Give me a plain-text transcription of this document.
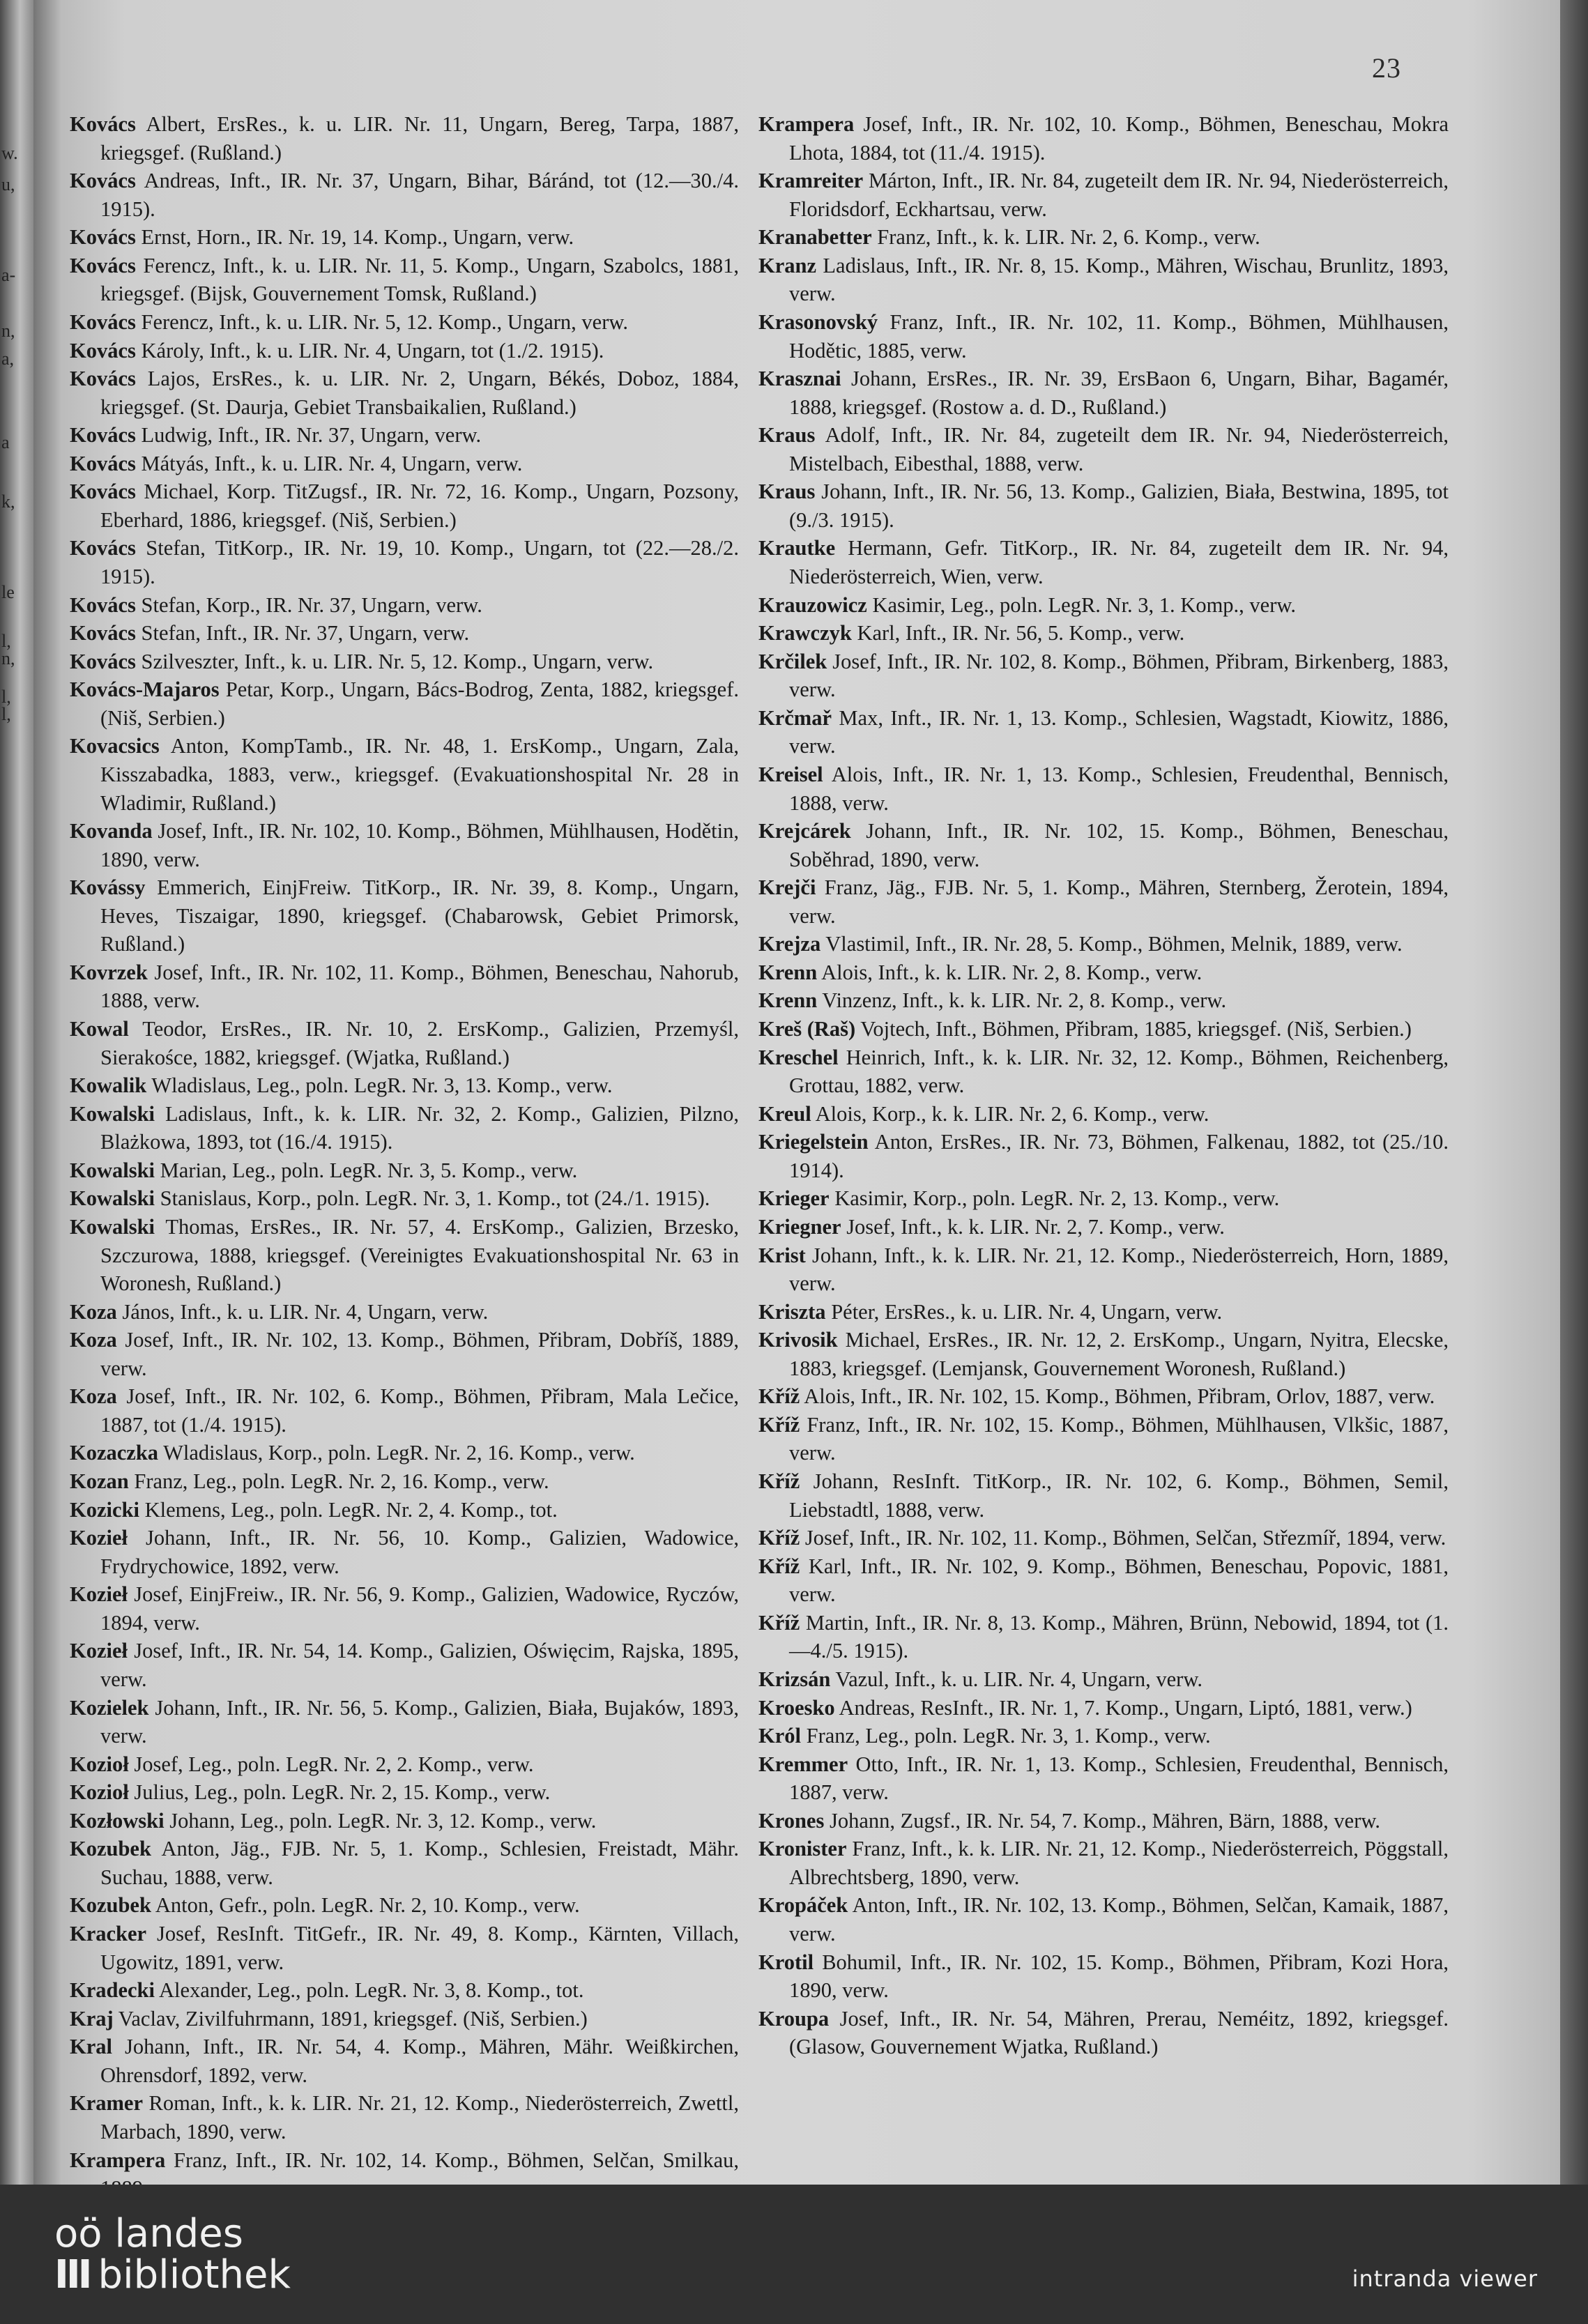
w.
u,
a-
n,
a,
a
k,
le
l,
n,
l,
l,
23
Kovács Albert, ErsRes., k. u. LIR. Nr. 11, Ungarn, Bereg, Tarpa, 1887, kriegsgef. (Rußland.)
Kovács Andreas, Inft., IR. Nr. 37, Ungarn, Bihar, Báránd, tot (12.—30./4. 1915).
Kovács Ernst, Horn., IR. Nr. 19, 14. Komp., Ungarn, verw.
Kovács Ferencz, Inft., k. u. LIR. Nr. 11, 5. Komp., Ungarn, Szabolcs, 1881, kriegsgef. (Bijsk, Gouvernement Tomsk, Rußland.)
Kovács Ferencz, Inft., k. u. LIR. Nr. 5, 12. Komp., Ungarn, verw.
Kovács Károly, Inft., k. u. LIR. Nr. 4, Ungarn, tot (1./2. 1915).
Kovács Lajos, ErsRes., k. u. LIR. Nr. 2, Ungarn, Békés, Doboz, 1884, kriegsgef. (St. Daurja, Gebiet Transbaikalien, Rußland.)
Kovács Ludwig, Inft., IR. Nr. 37, Ungarn, verw.
Kovács Mátyás, Inft., k. u. LIR. Nr. 4, Ungarn, verw.
Kovács Michael, Korp. TitZugsf., IR. Nr. 72, 16. Komp., Ungarn, Pozsony, Eberhard, 1886, kriegsgef. (Niš, Serbien.)
Kovács Stefan, TitKorp., IR. Nr. 19, 10. Komp., Ungarn, tot (22.—28./2. 1915).
Kovács Stefan, Korp., IR. Nr. 37, Ungarn, verw.
Kovács Stefan, Inft., IR. Nr. 37, Ungarn, verw.
Kovács Szilveszter, Inft., k. u. LIR. Nr. 5, 12. Komp., Ungarn, verw.
Kovács-Majaros Petar, Korp., Ungarn, Bács-Bodrog, Zenta, 1882, kriegsgef. (Niš, Serbien.)
Kovacsics Anton, KompTamb., IR. Nr. 48, 1. ErsKomp., Ungarn, Zala, Kisszabadka, 1883, verw., kriegsgef. (Evakuationshospital Nr. 28 in Wladimir, Rußland.)
Kovanda Josef, Inft., IR. Nr. 102, 10. Komp., Böhmen, Mühlhausen, Hodětin, 1890, verw.
Kovássy Emmerich, EinjFreiw. TitKorp., IR. Nr. 39, 8. Komp., Ungarn, Heves, Tiszaigar, 1890, kriegsgef. (Chabarowsk, Gebiet Primorsk, Rußland.)
Kovrzek Josef, Inft., IR. Nr. 102, 11. Komp., Böhmen, Beneschau, Nahorub, 1888, verw.
Kowal Teodor, ErsRes., IR. Nr. 10, 2. ErsKomp., Galizien, Przemyśl, Sierakośce, 1882, kriegsgef. (Wjatka, Rußland.)
Kowalik Wladislaus, Leg., poln. LegR. Nr. 3, 13. Komp., verw.
Kowalski Ladislaus, Inft., k. k. LIR. Nr. 32, 2. Komp., Galizien, Pilzno, Blażkowa, 1893, tot (16./4. 1915).
Kowalski Marian, Leg., poln. LegR. Nr. 3, 5. Komp., verw.
Kowalski Stanislaus, Korp., poln. LegR. Nr. 3, 1. Komp., tot (24./1. 1915).
Kowalski Thomas, ErsRes., IR. Nr. 57, 4. ErsKomp., Galizien, Brzesko, Szczurowa, 1888, kriegsgef. (Vereinigtes Evakuationshospital Nr. 63 in Woronesh, Rußland.)
Koza János, Inft., k. u. LIR. Nr. 4, Ungarn, verw.
Koza Josef, Inft., IR. Nr. 102, 13. Komp., Böhmen, Přibram, Dobříš, 1889, verw.
Koza Josef, Inft., IR. Nr. 102, 6. Komp., Böhmen, Přibram, Mala Lečice, 1887, tot (1./4. 1915).
Kozaczka Wladislaus, Korp., poln. LegR. Nr. 2, 16. Komp., verw.
Kozan Franz, Leg., poln. LegR. Nr. 2, 16. Komp., verw.
Kozicki Klemens, Leg., poln. LegR. Nr. 2, 4. Komp., tot.
Kozieł Johann, Inft., IR. Nr. 56, 10. Komp., Galizien, Wadowice, Frydrychowice, 1892, verw.
Kozieł Josef, EinjFreiw., IR. Nr. 56, 9. Komp., Galizien, Wadowice, Ryczów, 1894, verw.
Kozieł Josef, Inft., IR. Nr. 54, 14. Komp., Galizien, Oświęcim, Rajska, 1895, verw.
Kozielek Johann, Inft., IR. Nr. 56, 5. Komp., Galizien, Biała, Bujaków, 1893, verw.
Kozioł Josef, Leg., poln. LegR. Nr. 2, 2. Komp., verw.
Kozioł Julius, Leg., poln. LegR. Nr. 2, 15. Komp., verw.
Kozłowski Johann, Leg., poln. LegR. Nr. 3, 12. Komp., verw.
Kozubek Anton, Jäg., FJB. Nr. 5, 1. Komp., Schlesien, Freistadt, Mähr. Suchau, 1888, verw.
Kozubek Anton, Gefr., poln. LegR. Nr. 2, 10. Komp., verw.
Kracker Josef, ResInft. TitGefr., IR. Nr. 49, 8. Komp., Kärnten, Villach, Ugowitz, 1891, verw.
Kradecki Alexander, Leg., poln. LegR. Nr. 3, 8. Komp., tot.
Kraj Vaclav, Zivilfuhrmann, 1891, kriegsgef. (Niš, Serbien.)
Kral Johann, Inft., IR. Nr. 54, 4. Komp., Mähren, Mähr. Weißkirchen, Ohrensdorf, 1892, verw.
Kramer Roman, Inft., k. k. LIR. Nr. 21, 12. Komp., Niederösterreich, Zwettl, Marbach, 1890, verw.
Krampera Franz, Inft., IR. Nr. 102, 14. Komp., Böhmen, Selčan, Smilkau,
Krampera Josef, Inft., IR. Nr. 102, 10. Komp., Böhmen, Beneschau, Mokra Lhota, 1884, tot (11./4. 1915).
Kramreiter Márton, Inft., IR. Nr. 84, zugeteilt dem IR. Nr. 94, Niederösterreich, Floridsdorf, Eckhartsau, verw.
Kranabetter Franz, Inft., k. k. LIR. Nr. 2, 6. Komp., verw.
Kranz Ladislaus, Inft., IR. Nr. 8, 15. Komp., Mähren, Wischau, Brunlitz, 1893, verw.
Krasonovský Franz, Inft., IR. Nr. 102, 11. Komp., Böhmen, Mühlhausen, Hodětic, 1885, verw.
Krasznai Johann, ErsRes., IR. Nr. 39, ErsBaon 6, Ungarn, Bihar, Bagamér, 1888, kriegsgef. (Rostow a. d. D., Rußland.)
Kraus Adolf, Inft., IR. Nr. 84, zugeteilt dem IR. Nr. 94, Niederösterreich, Mistelbach, Eibesthal, 1888, verw.
Kraus Johann, Inft., IR. Nr. 56, 13. Komp., Galizien, Biała, Bestwina, 1895, tot (9./3. 1915).
Krautke Hermann, Gefr. TitKorp., IR. Nr. 84, zugeteilt dem IR. Nr. 94, Niederösterreich, Wien, verw.
Krauzowicz Kasimir, Leg., poln. LegR. Nr. 3, 1. Komp., verw.
Krawczyk Karl, Inft., IR. Nr. 56, 5. Komp., verw.
Krčilek Josef, Inft., IR. Nr. 102, 8. Komp., Böhmen, Přibram, Birkenberg, 1883, verw.
Krčmař Max, Inft., IR. Nr. 1, 13. Komp., Schlesien, Wagstadt, Kiowitz, 1886, verw.
Kreisel Alois, Inft., IR. Nr. 1, 13. Komp., Schlesien, Freudenthal, Bennisch, 1888, verw.
Krejcárek Johann, Inft., IR. Nr. 102, 15. Komp., Böhmen, Beneschau, Soběhrad, 1890, verw.
Krejči Franz, Jäg., FJB. Nr. 5, 1. Komp., Mähren, Sternberg, Žerotein, 1894, verw.
Krejza Vlastimil, Inft., IR. Nr. 28, 5. Komp., Böhmen, Melnik, 1889, verw.
Krenn Alois, Inft., k. k. LIR. Nr. 2, 8. Komp., verw.
Krenn Vinzenz, Inft., k. k. LIR. Nr. 2, 8. Komp., verw.
Kreš (Raš) Vojtech, Inft., Böhmen, Přibram, 1885, kriegsgef. (Niš, Serbien.)
Kreschel Heinrich, Inft., k. k. LIR. Nr. 32, 12. Komp., Böhmen, Reichenberg, Grottau, 1882, verw.
Kreul Alois, Korp., k. k. LIR. Nr. 2, 6. Komp., verw.
Kriegelstein Anton, ErsRes., IR. Nr. 73, Böhmen, Falkenau, 1882, tot (25./10. 1914).
Krieger Kasimir, Korp., poln. LegR. Nr. 2, 13. Komp., verw.
Kriegner Josef, Inft., k. k. LIR. Nr. 2, 7. Komp., verw.
Krist Johann, Inft., k. k. LIR. Nr. 21, 12. Komp., Niederösterreich, Horn, 1889, verw.
Kriszta Péter, ErsRes., k. u. LIR. Nr. 4, Ungarn, verw.
Krivosik Michael, ErsRes., IR. Nr. 12, 2. ErsKomp., Ungarn, Nyitra, Elecske, 1883, kriegsgef. (Lemjansk, Gouvernement Woronesh, Rußland.)
Kříž Alois, Inft., IR. Nr. 102, 15. Komp., Böhmen, Přibram, Orlov, 1887, verw.
Kříž Franz, Inft., IR. Nr. 102, 15. Komp., Böhmen, Mühlhausen, Vlkšic, 1887, verw.
Kříž Johann, ResInft. TitKorp., IR. Nr. 102, 6. Komp., Böhmen, Semil, Liebstadtl, 1888, verw.
Kříž Josef, Inft., IR. Nr. 102, 11. Komp., Böhmen, Selčan, Střezmíř, 1894, verw.
Kříž Karl, Inft., IR. Nr. 102, 9. Komp., Böhmen, Beneschau, Popovic, 1881, verw.
Kříž Martin, Inft., IR. Nr. 8, 13. Komp., Mähren, Brünn, Nebowid, 1894, tot (1.—4./5. 1915).
Krizsán Vazul, Inft., k. u. LIR. Nr. 4, Ungarn, verw.
Kroesko Andreas, ResInft., IR. Nr. 1, 7. Komp., Ungarn, Liptó, 1881, verw.)
Król Franz, Leg., poln. LegR. Nr. 3, 1. Komp., verw.
Kremmer Otto, Inft., IR. Nr. 1, 13. Komp., Schlesien, Freudenthal, Bennisch, 1887, verw.
Krones Johann, Zugsf., IR. Nr. 54, 7. Komp., Mähren, Bärn, 1888, verw.
Kronister Franz, Inft., k. k. LIR. Nr. 21, 12. Komp., Niederösterreich, Pöggstall, Albrechtsberg, 1890, verw.
Kropáček Anton, Inft., IR. Nr. 102, 13. Komp., Böhmen, Selčan, Kamaik, 1887, verw.
Krotil Bohumil, Inft., IR. Nr. 102, 15. Komp., Böhmen, Přibram, Kozi Hora, 1890, verw.
Kroupa Josef, Inft., IR. Nr. 54, Mähren, Prerau, Neméitz, 1892, kriegsgef. (Glasow, Gouvernement Wjatka, Rußland.)
oö landes
III bibliothek	intranda viewer
